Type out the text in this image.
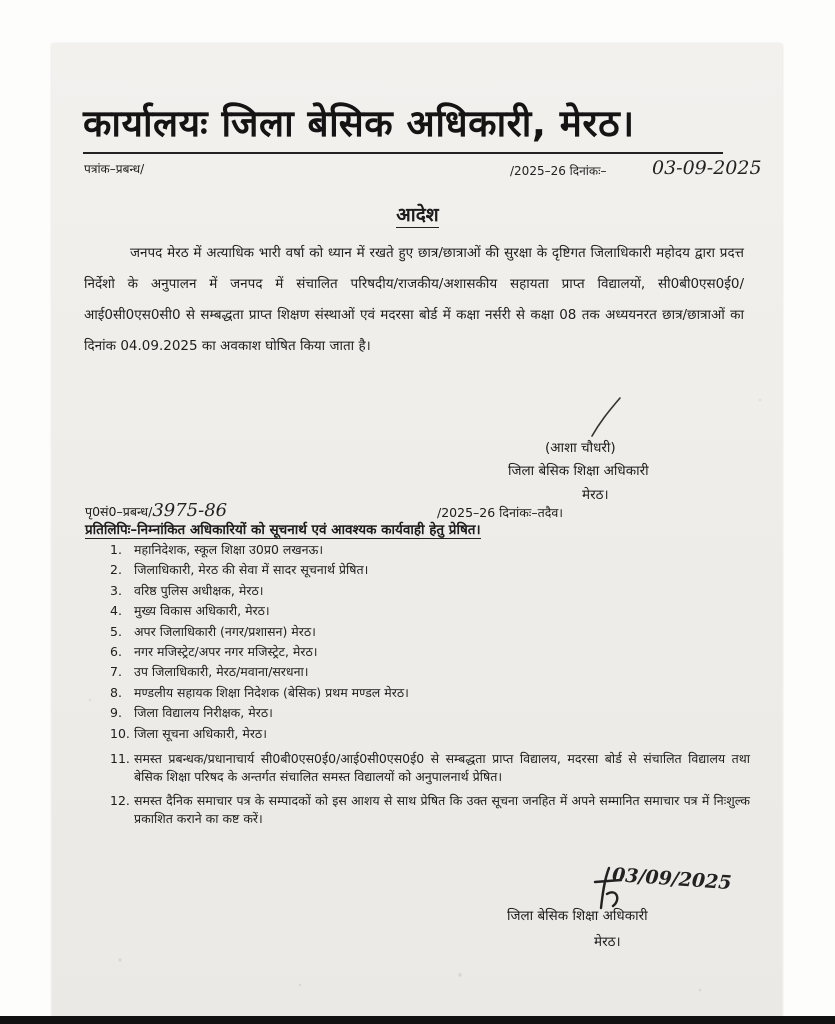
कार्यालयः जिला बेसिक अधिकारी, मेरठ।
पत्रांक–प्रबन्ध/	/2025–26 दिनांकः– 03-09-2025
आदेश
जनपद मेरठ में अत्याधिक भारी वर्षा को ध्यान में रखते हुए छात्र/छात्राओं की सुरक्षा के दृष्टिगत जिलाधिकारी महोदय द्वारा प्रदत्त निर्देशो के अनुपालन में जनपद में संचालित परिषदीय/राजकीय/अशासकीय सहायता प्राप्त विद्यालयों, सी0बी0एस0ई0/आई0सी0एस0सी0 से सम्बद्धता प्राप्त शिक्षण संस्थाओं एवं मदरसा बोर्ड में कक्षा नर्सरी से कक्षा 08 तक अध्ययनरत छात्र/छात्राओं का दिनांक 04.09.2025 का अवकाश घोषित किया जाता है।
(आशा चौधरी)
जिला बेसिक शिक्षा अधिकारी
मेरठ।
पृ0सं0–प्रबन्ध/3975-86	/2025–26 दिनांकः–तदैव।
प्रतिलिपिः–निम्नांकित अधिकारियों को सूचनार्थ एवं आवश्यक कार्यवाही हेतु प्रेषित।
1. महानिदेशक, स्कूल शिक्षा उ0प्र0 लखनऊ।
2. जिलाधिकारी, मेरठ की सेवा में सादर सूचनार्थ प्रेषित।
3. वरिष्ठ पुलिस अधीक्षक, मेरठ।
4. मुख्य विकास अधिकारी, मेरठ।
5. अपर जिलाधिकारी (नगर/प्रशासन) मेरठ।
6. नगर मजिस्ट्रेट/अपर नगर मजिस्ट्रेट, मेरठ।
7. उप जिलाधिकारी, मेरठ/मवाना/सरधना।
8. मण्डलीय सहायक शिक्षा निदेशक (बेसिक) प्रथम मण्डल मेरठ।
9. जिला विद्यालय निरीक्षक, मेरठ।
10. जिला सूचना अधिकारी, मेरठ।
11. समस्त प्रबन्धक/प्रधानाचार्य सी0बी0एस0ई0/आई0सी0एस0ई0 से सम्बद्धता प्राप्त विद्यालय, मदरसा बोर्ड से संचालित विद्यालय तथा बेसिक शिक्षा परिषद के अन्तर्गत संचालित समस्त विद्यालयों को अनुपालनार्थ प्रेषित।
12. समस्त दैनिक समाचार पत्र के सम्पादकों को इस आशय से साथ प्रेषित कि उक्त सूचना जनहित में अपने सम्मानित समाचार पत्र में निःशुल्क प्रकाशित कराने का कष्ट करें।
03/09/2025
जिला बेसिक शिक्षा अधिकारी
मेरठ।
